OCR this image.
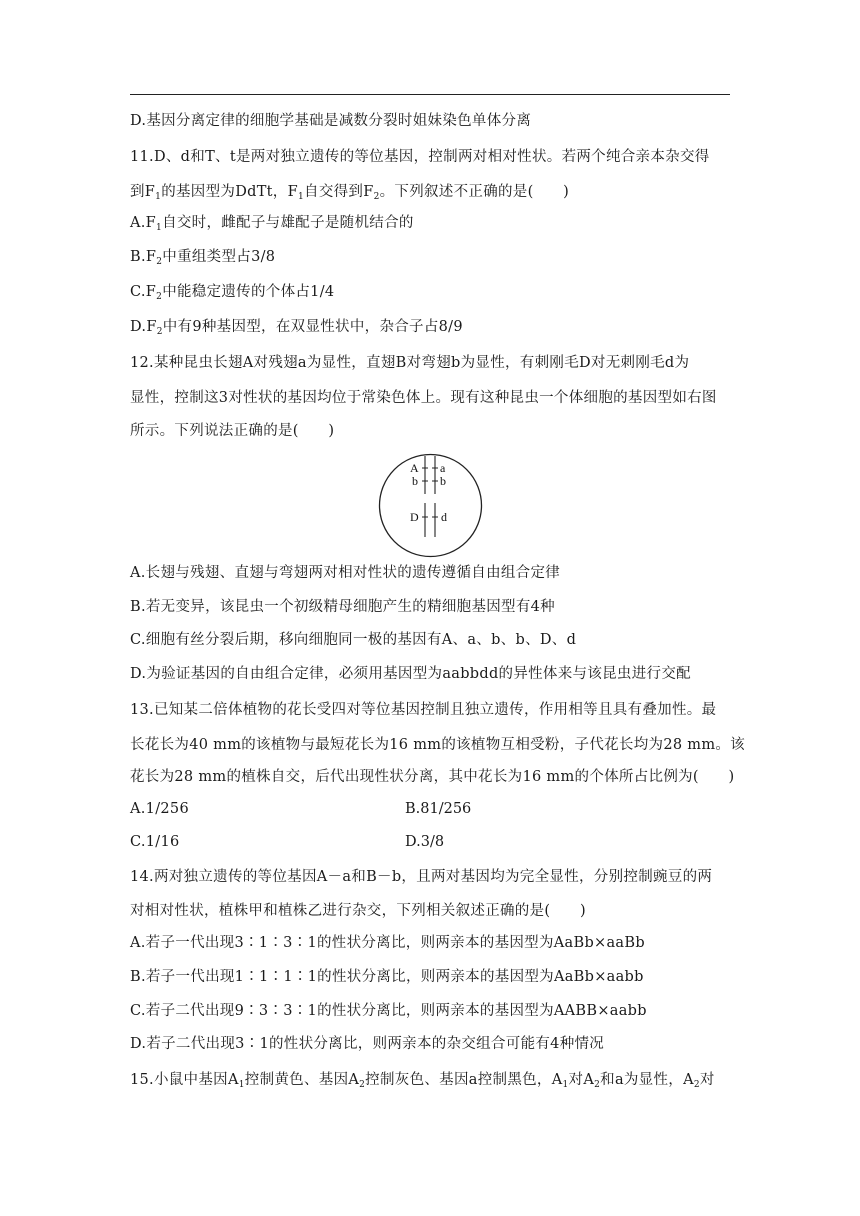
D.基因分离定律的细胞学基础是减数分裂时姐妹染色单体分离
11.D、d和T、t是两对独立遗传的等位基因，控制两对相对性状。若两个纯合亲本杂交得
到$F_1$的基因型为DdTt，$F_1$自交得到$F_2$。下列叙述不正确的是(　　)
$A.F_1$自交时，雌配子与雄配子是随机结合的
$B.F_2$中重组类型占3/8
$C.F_2$中能稳定遗传的个体占1/4
$D.F_2$中有9种基因型，在双显性状中，杂合子占8/9
12.某种昆虫长翅A对残翅a为显性，直翅B对弯翅b为显性，有刺刚毛D对无刺刚毛d为
显性，控制这3对性状的基因均位于常染色体上。现有这种昆虫一个体细胞的基因型如右图
所示。下列说法正确的是(　　)
A a
b b
D d
A.长翅与残翅、直翅与弯翅两对相对性状的遗传遵循自由组合定律
B.若无变异，该昆虫一个初级精母细胞产生的精细胞基因型有4种
C.细胞有丝分裂后期，移向细胞同一极的基因有A、a、b、b、D、d
D.为验证基因的自由组合定律，必须用基因型为aabbdd的异性体来与该昆虫进行交配
13.已知某二倍体植物的花长受四对等位基因控制且独立遗传，作用相等且具有叠加性。最
长花长为40 mm的该植物与最短花长为16 mm的该植物互相受粉，子代花长均为28 mm。该
花长为28 mm的植株自交，后代出现性状分离，其中花长为16 mm的个体所占比例为(　　)
A.1/256	B.81/256
C.1/16	D.3/8
14.两对独立遗传的等位基因A－a和B－b，且两对基因均为完全显性，分别控制豌豆的两
对相对性状，植株甲和植株乙进行杂交，下列相关叙述正确的是(　　)
A.若子一代出现3∶1∶3∶1的性状分离比，则两亲本的基因型为AaBb×aaBb
B.若子一代出现1∶1∶1∶1的性状分离比，则两亲本的基因型为AaBb×aabb
C.若子二代出现9∶3∶3∶1的性状分离比，则两亲本的基因型为AABB×aabb
D.若子二代出现3∶1的性状分离比，则两亲本的杂交组合可能有4种情况
15.小鼠中基因$A_1$控制黄色、基因$A_2$控制灰色、基因a控制黑色，$A_1$对$A_2$和a为显性，$A_2$对
